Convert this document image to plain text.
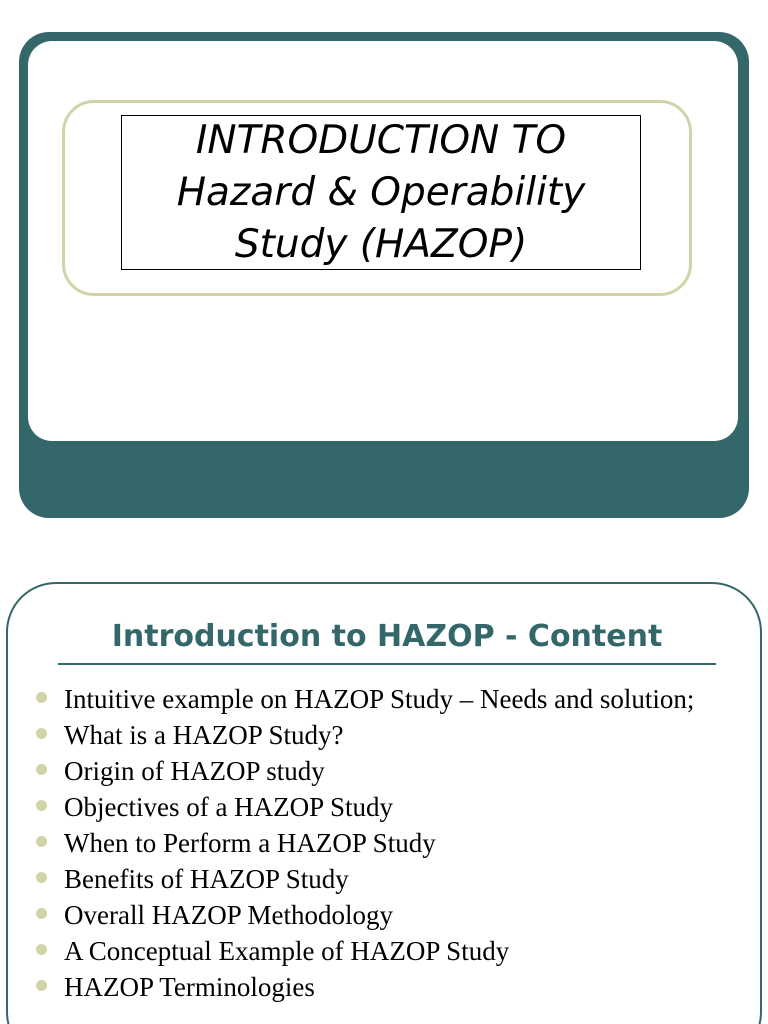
INTRODUCTION TO
Hazard & Operability
Study (HAZOP)
Introduction to HAZOP - Content
Intuitive example on HAZOP Study – Needs and solution;
What is a HAZOP Study?
Origin of HAZOP study
Objectives of a HAZOP Study
When to Perform a HAZOP Study
Benefits of HAZOP Study
Overall HAZOP Methodology
A Conceptual Example of HAZOP Study
HAZOP Terminologies
